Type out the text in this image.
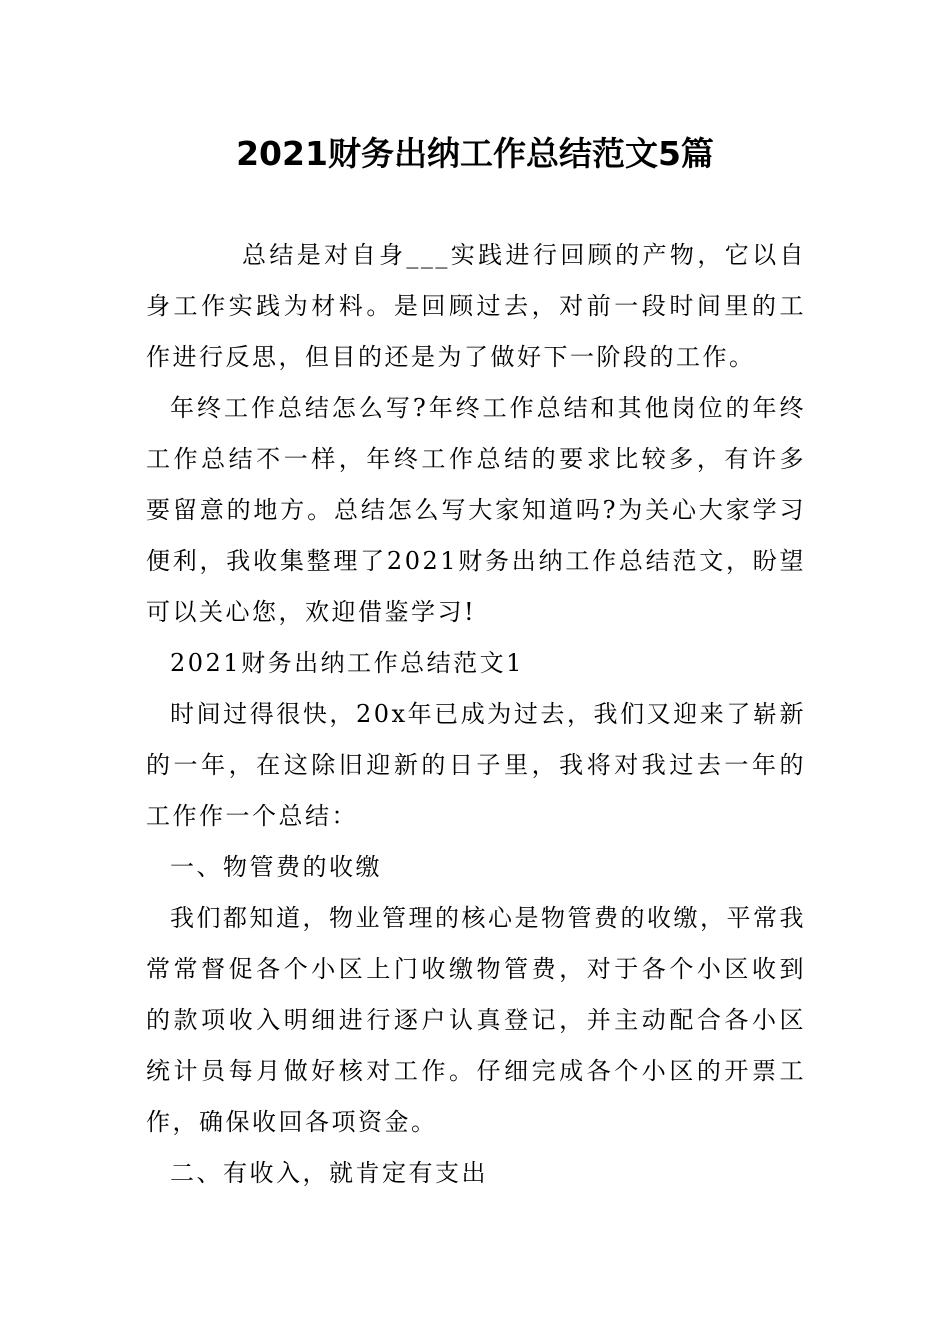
2021财务出纳工作总结范文5篇

总结是对自身___实践进行回顾的产物，它以自身工作实践为材料。是回顾过去，对前一段时间里的工作进行反思，但目的还是为了做好下一阶段的工作。

年终工作总结怎么写?年终工作总结和其他岗位的年终工作总结不一样，年终工作总结的要求比较多，有许多要留意的地方。总结怎么写大家知道吗?为关心大家学习便利，我收集整理了2021财务出纳工作总结范文，盼望可以关心您，欢迎借鉴学习!

2021财务出纳工作总结范文1

时间过得很快，20x年已成为过去，我们又迎来了崭新的一年，在这除旧迎新的日子里，我将对我过去一年的工作作一个总结：

一、物管费的收缴

我们都知道，物业管理的核心是物管费的收缴，平常我常常督促各个小区上门收缴物管费，对于各个小区收到的款项收入明细进行逐户认真登记，并主动配合各小区统计员每月做好核对工作。仔细完成各个小区的开票工作，确保收回各项资金。

二、有收入，就肯定有支出
